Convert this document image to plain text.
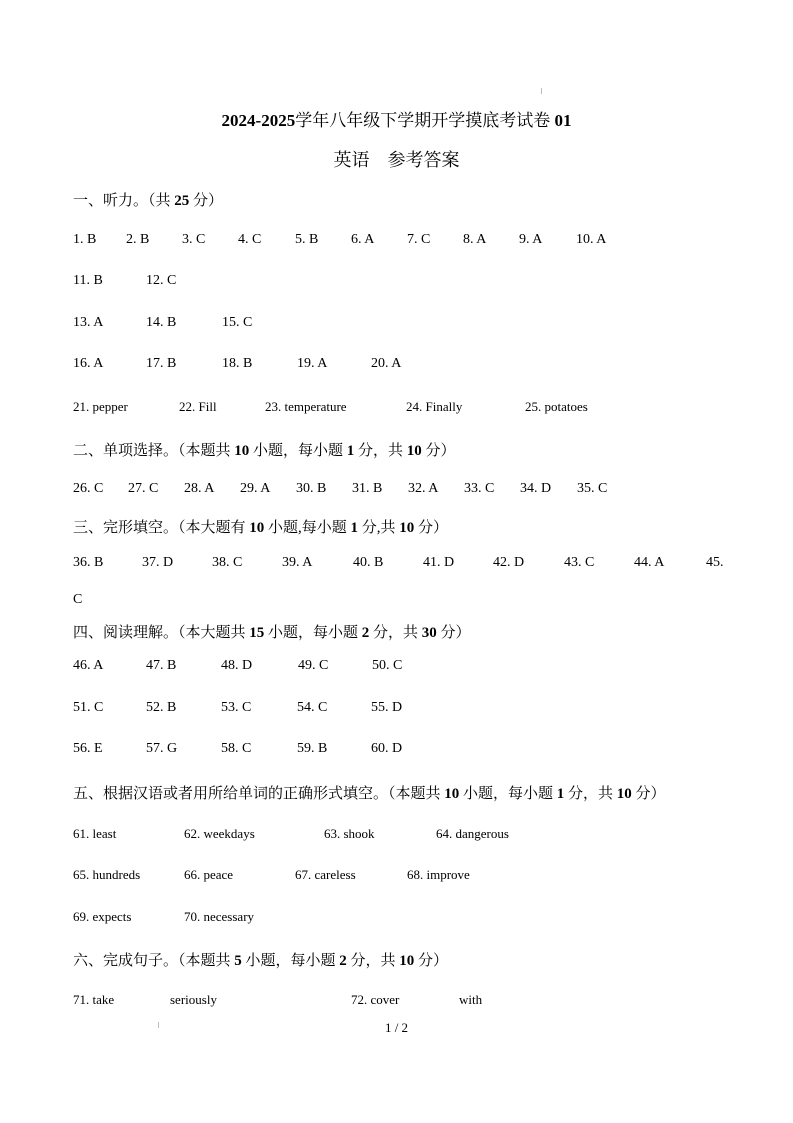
2024-2025学年八年级下学期开学摸底考试卷 01
英语　参考答案
一、听力。（共 25 分）
1. B 2. B 3. C 4. C 5. B 6. A 7. C 8. A 9. A 10. A
11. B	12. C
13. A	14. B	15. C
16. A	17. B	18. B	19. A	20. A
21. pepper	22. Fill	23. temperature	24. Finally	25. potatoes
二、单项选择。（本题共 10 小题，每小题 1 分，共 10 分）
26. C 27. C 28. A 29. A 30. B 31. B 32. A 33. C 34. D 35. C
三、完形填空。（本大题有 10 小题,每小题 1 分,共 10 分）
36. B	37. D	38. C	39. A	40. B	41. D	42. D	43. C	44. A	45.
C
四、阅读理解。（本大题共 15 小题，每小题 2 分，共 30 分）
46. A	47. B	48. D	49. C	50. C
51. C	52. B	53. C	54. C	55. D
56. E	57. G	58. C	59. B	60. D
五、根据汉语或者用所给单词的正确形式填空。（本题共 10 小题，每小题 1 分，共 10 分）
61. least	62. weekdays	63. shook	64. dangerous
65. hundreds	66. peace	67. careless	68. improve
69. expects	70. necessary
六、完成句子。（本题共 5 小题，每小题 2 分，共 10 分）
71. take	seriously	72. cover	with
1 / 2
